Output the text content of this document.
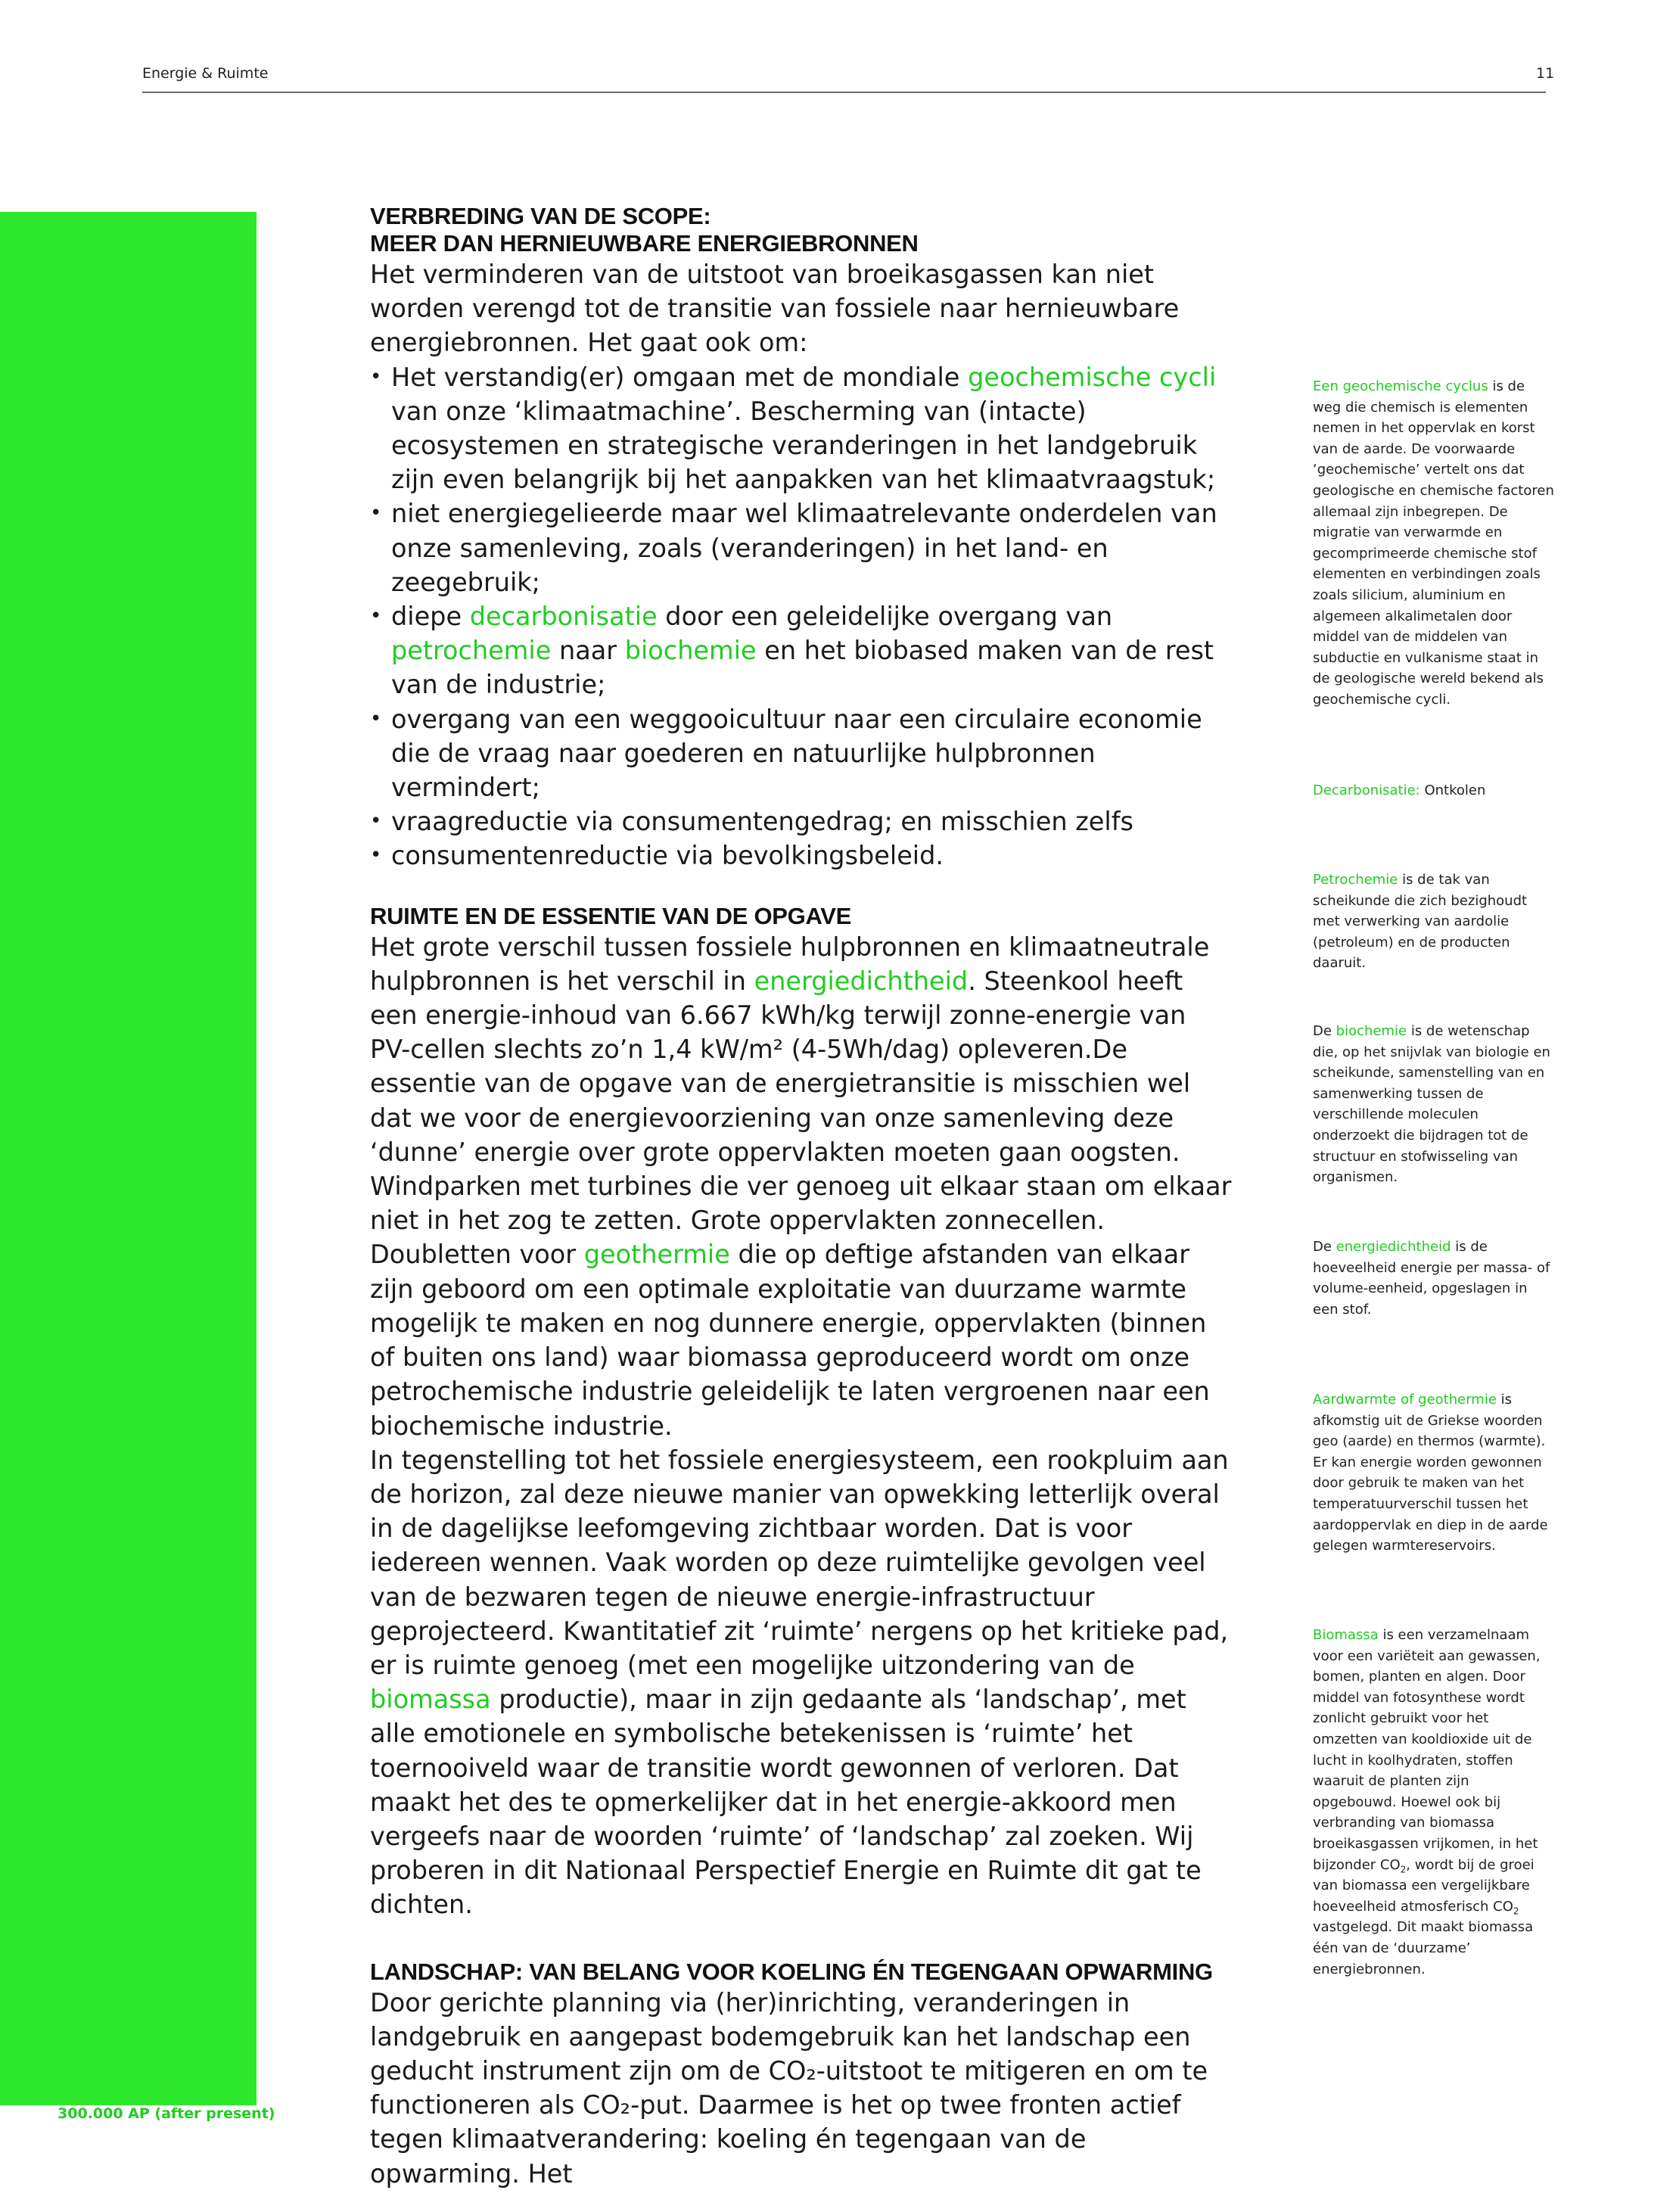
Energie & Ruimte	11
300.000 AP (after present)
VERBREDING VAN DE SCOPE:
MEER DAN HERNIEUWBARE ENERGIEBRONNEN

Het verminderen van de uitstoot van broeikasgassen kan niet worden verengd tot de transitie van fossiele naar hernieuwbare energiebronnen. Het gaat ook om:

• Het verstandig(er) omgaan met de mondiale geochemische cycli van onze ‘klimaatmachine’. Bescherming van (intacte) ecosystemen en strategische veranderingen in het landgebruik zijn even belangrijk bij het aanpakken van het klimaatvraagstuk;
• niet energiegelieerde maar wel klimaatrelevante onderdelen van onze samenleving, zoals (veranderingen) in het land- en zeegebruik;
• diepe decarbonisatie door een geleidelijke overgang van petrochemie naar biochemie en het biobased maken van de rest van de industrie;
• overgang van een weggooicultuur naar een circulaire economie die de vraag naar goederen en natuurlijke hulpbronnen vermindert;
• vraagreductie via consumentengedrag; en misschien zelfs
• consumentenreductie via bevolkingsbeleid.
RUIMTE EN DE ESSENTIE VAN DE OPGAVE

Het grote verschil tussen fossiele hulpbronnen en klimaatneutrale hulpbronnen is het verschil in energiedichtheid. Steenkool heeft een energie-inhoud van 6.667 kWh/kg terwijl zonne-energie van PV-cellen slechts zo’n 1,4 kW/m² (4-5Wh/dag) opleveren.De essentie van de opgave van de energietransitie is misschien wel dat we voor de energievoorziening van onze samenleving deze ‘dunne’ energie over grote oppervlakten moeten gaan oogsten. Windparken met turbines die ver genoeg uit elkaar staan om elkaar niet in het zog te zetten. Grote oppervlakten zonnecellen. Doubletten voor geothermie die op deftige afstanden van elkaar zijn geboord om een optimale exploitatie van duurzame warmte mogelijk te maken en nog dunnere energie, oppervlakten (binnen of buiten ons land) waar biomassa geproduceerd wordt om onze petrochemische industrie geleidelijk te laten vergroenen naar een biochemische industrie.

In tegenstelling tot het fossiele energiesysteem, een rookpluim aan de horizon, zal deze nieuwe manier van opwekking letterlijk overal in de dagelijkse leefomgeving zichtbaar worden. Dat is voor iedereen wennen. Vaak worden op deze ruimtelijke gevolgen veel van de bezwaren tegen de nieuwe energie-infrastructuur geprojecteerd. Kwantitatief zit ‘ruimte’ nergens op het kritieke pad, er is ruimte genoeg (met een mogelijke uitzondering van de biomassa productie), maar in zijn gedaante als ‘landschap’, met alle emotionele en symbolische betekenissen is ‘ruimte’ het toernooiveld waar de transitie wordt gewonnen of verloren. Dat maakt het des te opmerkelijker dat in het energie-akkoord men vergeefs naar de woorden ‘ruimte’ of ‘landschap’ zal zoeken. Wij proberen in dit Nationaal Perspectief Energie en Ruimte dit gat te dichten.

LANDSCHAP: VAN BELANG VOOR KOELING ÉN TEGENGAAN OPWARMING

Door gerichte planning via (her)inrichting, veranderingen in landgebruik en aangepast bodemgebruik kan het landschap een geducht instrument zijn om de CO₂-uitstoot te mitigeren en om te functioneren als CO₂-put. Daarmee is het op twee fronten actief tegen klimaatverandering: koeling én tegengaan van de opwarming. Het

Een geochemische cyclus is de weg die chemisch is elementen nemen in het oppervlak en korst van de aarde. De voorwaarde ‘geochemische’ vertelt ons dat geologische en chemische factoren allemaal zijn inbegrepen. De migratie van verwarmde en gecomprimeerde chemische stof elementen en verbindingen zoals zoals silicium, aluminium en algemeen alkalimetalen door middel van de middelen van subductie en vulkanisme staat in de geologische wereld bekend als geochemische cycli.
Decarbonisatie: Ontkolen
Petrochemie is de tak van scheikunde die zich bezighoudt met verwerking van aardolie (petroleum) en de producten daaruit.
De biochemie is de wetenschap die, op het snijvlak van biologie en scheikunde, samenstelling van en samenwerking tussen de verschillende moleculen onderzoekt die bijdragen tot de structuur en stofwisseling van organismen.
De energiedichtheid is de hoeveelheid energie per massa- of volume-eenheid, opgeslagen in een stof.
Aardwarmte of geothermie is afkomstig uit de Griekse woorden geo (aarde) en thermos (warmte). Er kan energie worden gewonnen door gebruik te maken van het temperatuurverschil tussen het aardoppervlak en diep in de aarde gelegen warmtereservoirs.
Biomassa is een verzamelnaam voor een variëteit aan gewassen, bomen, planten en algen. Door middel van fotosynthese wordt zonlicht gebruikt voor het omzetten van kooldioxide uit de lucht in koolhydraten, stoffen waaruit de planten zijn opgebouwd. Hoewel ook bij verbranding van biomassa broeikasgassen vrijkomen, in het bijzonder $CO_2$, wordt bij de groei van biomassa een vergelijkbare hoeveelheid atmosferisch $CO_2$ vastgelegd. Dit maakt biomassa één van de ‘duurzame’ energiebronnen.
